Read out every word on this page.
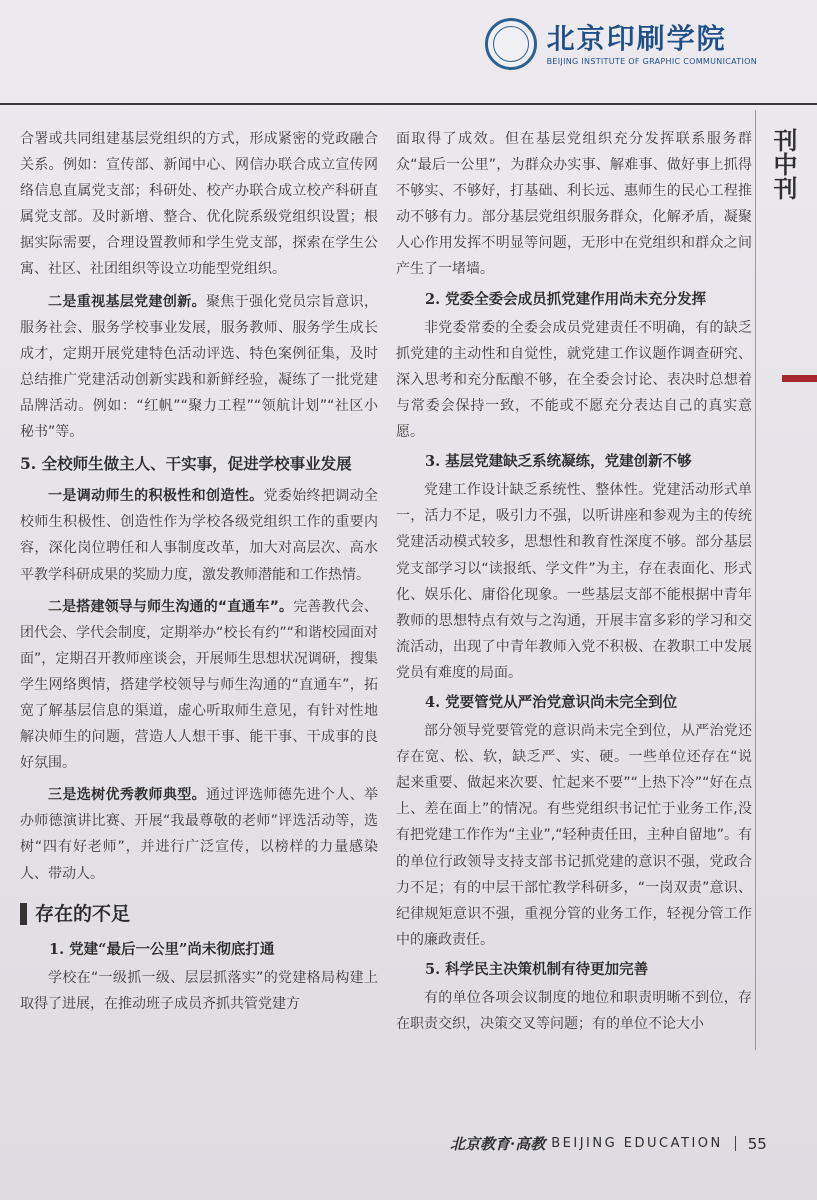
北京印刷学院
BEIJING INSTITUTE OF GRAPHIC COMMUNICATION
刊中刊

合署或共同组建基层党组织的方式，形成紧密的党政融合关系。例如：宣传部、新闻中心、网信办联合成立宣传网络信息直属党支部；科研处、校产办联合成立校产科研直属党支部。及时新增、整合、优化院系级党组织设置；根据实际需要，合理设置教师和学生党支部，探索在学生公寓、社区、社团组织等设立功能型党组织。

二是重视基层党建创新。聚焦于强化党员宗旨意识，服务社会、服务学校事业发展，服务教师、服务学生成长成才，定期开展党建特色活动评选、特色案例征集，及时总结推广党建活动创新实践和新鲜经验，凝练了一批党建品牌活动。例如：“红帆”“聚力工程”“领航计划”“社区小秘书”等。

5. 全校师生做主人、干实事，促进学校事业发展

一是调动师生的积极性和创造性。党委始终把调动全校师生积极性、创造性作为学校各级党组织工作的重要内容，深化岗位聘任和人事制度改革，加大对高层次、高水平教学科研成果的奖励力度，激发教师潜能和工作热情。

二是搭建领导与师生沟通的“直通车”。完善教代会、团代会、学代会制度，定期举办“校长有约”“和谐校园面对面”，定期召开教师座谈会，开展师生思想状况调研，搜集学生网络舆情，搭建学校领导与师生沟通的“直通车”，拓宽了解基层信息的渠道，虚心听取师生意见，有针对性地解决师生的问题，营造人人想干事、能干事、干成事的良好氛围。

三是选树优秀教师典型。通过评选师德先进个人、举办师德演讲比赛、开展“我最尊敬的老师”评选活动等，选树“四有好老师”，并进行广泛宣传，以榜样的力量感染人、带动人。

存在的不足

1. 党建“最后一公里”尚未彻底打通

学校在“一级抓一级、层层抓落实”的党建格局构建上取得了进展，在推动班子成员齐抓共管党建方

面取得了成效。但在基层党组织充分发挥联系服务群众“最后一公里”，为群众办实事、解难事、做好事上抓得不够实、不够好，打基础、利长远、惠师生的民心工程推动不够有力。部分基层党组织服务群众，化解矛盾，凝聚人心作用发挥不明显等问题，无形中在党组织和群众之间产生了一堵墙。

2. 党委全委会成员抓党建作用尚未充分发挥

非党委常委的全委会成员党建责任不明确，有的缺乏抓党建的主动性和自觉性，就党建工作议题作调查研究、深入思考和充分酝酿不够，在全委会讨论、表决时总想着与常委会保持一致，不能或不愿充分表达自己的真实意愿。

3. 基层党建缺乏系统凝练，党建创新不够

党建工作设计缺乏系统性、整体性。党建活动形式单一，活力不足，吸引力不强，以听讲座和参观为主的传统党建活动模式较多，思想性和教育性深度不够。部分基层党支部学习以“读报纸、学文件”为主，存在表面化、形式化、娱乐化、庸俗化现象。一些基层支部不能根据中青年教师的思想特点有效与之沟通，开展丰富多彩的学习和交流活动，出现了中青年教师入党不积极、在教职工中发展党员有难度的局面。

4. 党要管党从严治党意识尚未完全到位

部分领导党要管党的意识尚未完全到位，从严治党还存在宽、松、软，缺乏严、实、硬。一些单位还存在“说起来重要、做起来次要、忙起来不要”“上热下冷”“好在点上、差在面上”的情况。有些党组织书记忙于业务工作,没有把党建工作作为“主业”,“轻种责任田，主种自留地”。有的单位行政领导支持支部书记抓党建的意识不强，党政合力不足；有的中层干部忙教学科研多，“一岗双责”意识、纪律规矩意识不强，重视分管的业务工作，轻视分管工作中的廉政责任。

5. 科学民主决策机制有待更加完善

有的单位各项会议制度的地位和职责明晰不到位，存在职责交织，决策交叉等问题；有的单位不论大小

北京教育·高教 BEIJING EDUCATION 55
